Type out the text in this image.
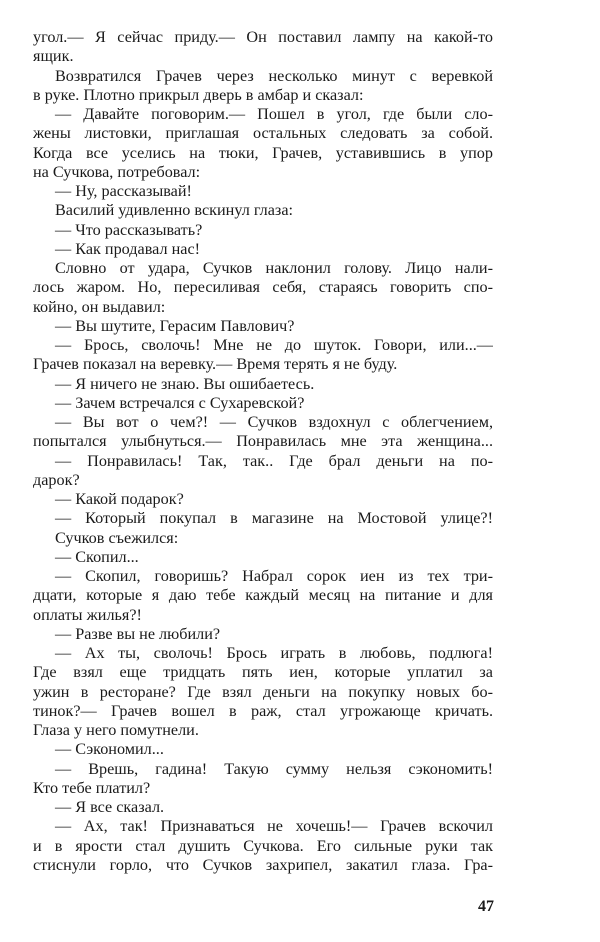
угол.— Я сейчас приду.— Он поставил лампу на какой-то
ящик.
Возвратился Грачев через несколько минут с веревкой
в руке. Плотно прикрыл дверь в амбар и сказал:
— Давайте поговорим.— Пошел в угол, где были сло-
жены листовки, приглашая остальных следовать за собой.
Когда все уселись на тюки, Грачев, уставившись в упор
на Сучкова, потребовал:
— Ну, рассказывай!
Василий удивленно вскинул глаза:
— Что рассказывать?
— Как продавал нас!
Словно от удара, Сучков наклонил голову. Лицо нали-
лось жаром. Но, пересиливая себя, стараясь говорить спо-
койно, он выдавил:
— Вы шутите, Герасим Павлович?
— Брось, сволочь! Мне не до шуток. Говори, или...—
Грачев показал на веревку.— Время терять я не буду.
— Я ничего не знаю. Вы ошибаетесь.
— Зачем встречался с Сухаревской?
— Вы вот о чем?! — Сучков вздохнул с облегчением,
попытался улыбнуться.— Понравилась мне эта женщина...
— Понравилась! Так, так.. Где брал деньги на по-
дарок?
— Какой подарок?
— Который покупал в магазине на Мостовой улице?!
Сучков съежился:
— Скопил...
— Скопил, говоришь? Набрал сорок иен из тех три-
дцати, которые я даю тебе каждый месяц на питание и для
оплаты жилья?!
— Разве вы не любили?
— Ах ты, сволочь! Брось играть в любовь, подлюга!
Где взял еще тридцать пять иен, которые уплатил за
ужин в ресторане? Где взял деньги на покупку новых бо-
тинок?— Грачев вошел в раж, стал угрожающе кричать.
Глаза у него помутнели.
— Сэкономил...
— Врешь, гадина! Такую сумму нельзя сэкономить!
Кто тебе платил?
— Я все сказал.
— Ах, так! Признаваться не хочешь!— Грачев вскочил
и в ярости стал душить Сучкова. Его сильные руки так
стиснули горло, что Сучков захрипел, закатил глаза. Гра-
47
